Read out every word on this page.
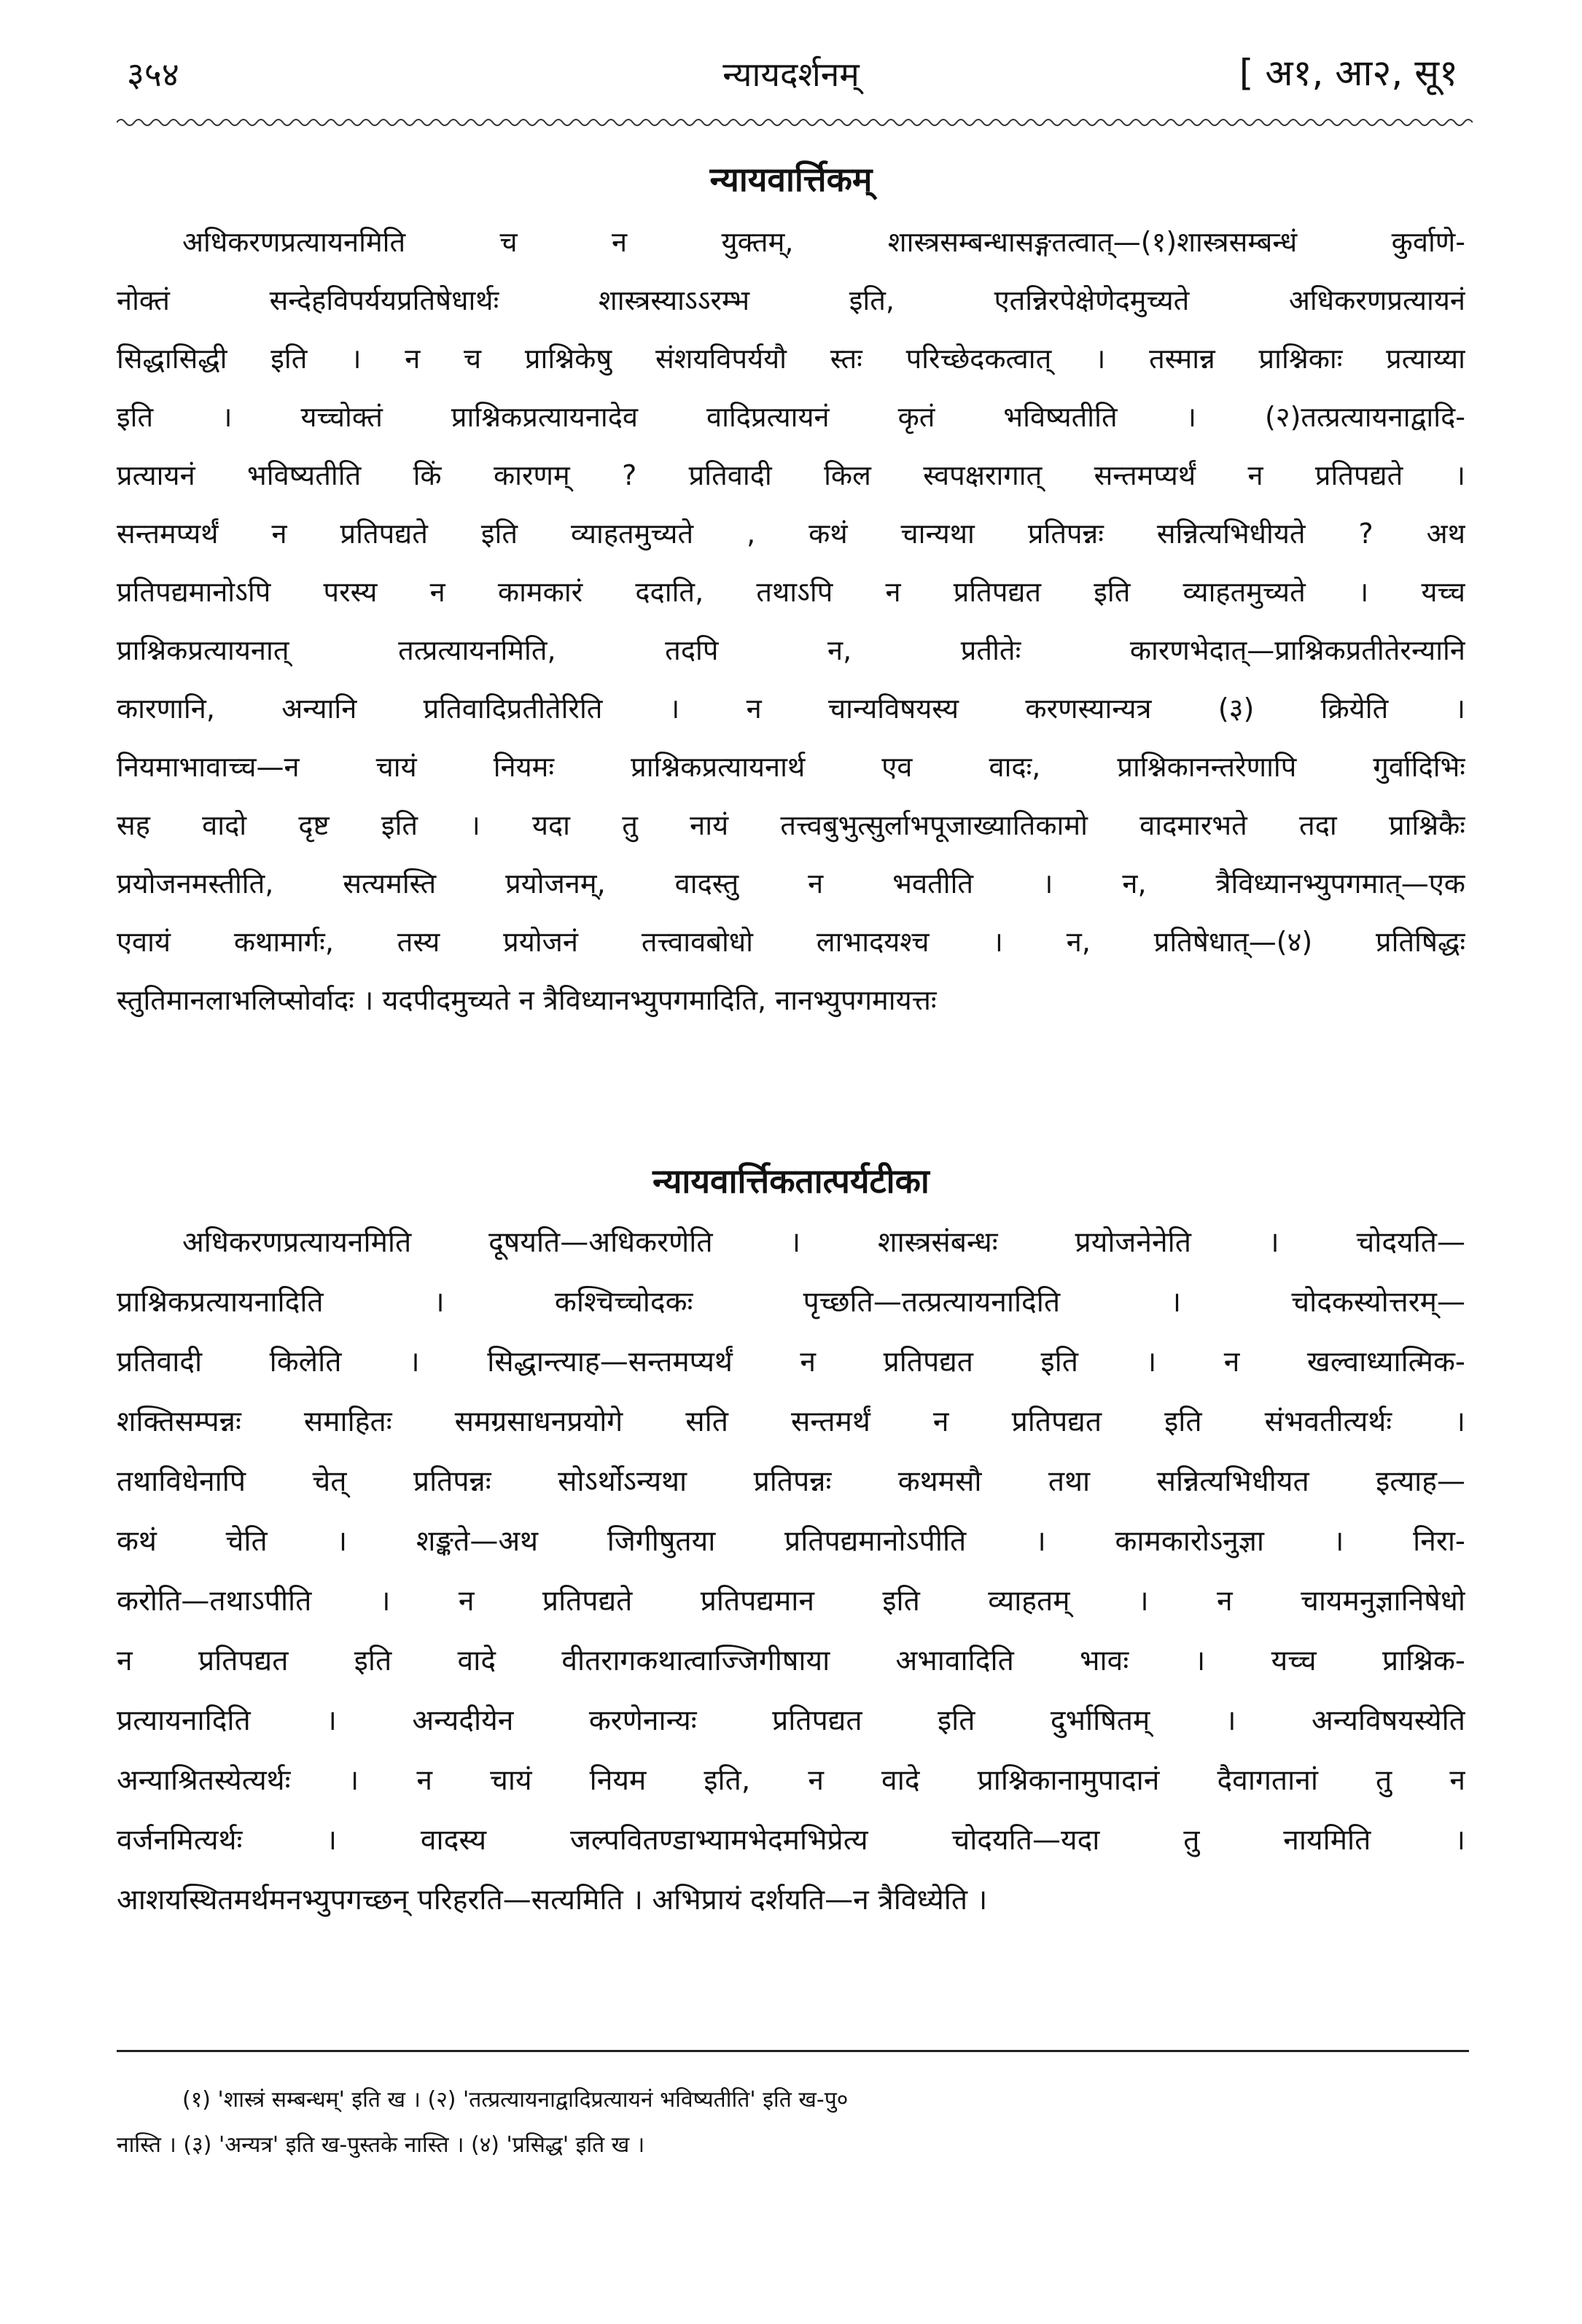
३५४	न्यायदर्शनम्	[ अ१, आ२, सू१
न्यायवार्त्तिकम्
अधिकरणप्रत्यायनमिति च न युक्तम्, शास्त्रसम्बन्धासङ्गतत्वात्—(१)शास्त्रसम्बन्धं कुर्वाणे-
नोक्तं सन्देहविपर्ययप्रतिषेधार्थः शास्त्रस्याऽऽरम्भ इति, एतन्निरपेक्षेणेदमुच्यते अधिकरणप्रत्यायनं
सिद्धासिद्धी इति । न च प्राश्निकेषु संशयविपर्ययौ स्तः परिच्छेदकत्वात् । तस्मान्न प्राश्निकाः प्रत्याय्या
इति । यच्चोक्तं प्राश्निकप्रत्यायनादेव वादिप्रत्यायनं कृतं भविष्यतीति । (२)तत्प्रत्यायनाद्वादि-
प्रत्यायनं भविष्यतीति किं कारणम् ? प्रतिवादी किल स्वपक्षरागात् सन्तमप्यर्थं न प्रतिपद्यते ।
सन्तमप्यर्थं न प्रतिपद्यते इति व्याहतमुच्यते , कथं चान्यथा प्रतिपन्नः सन्नित्यभिधीयते ? अथ
प्रतिपद्यमानोऽपि परस्य न कामकारं ददाति, तथाऽपि न प्रतिपद्यत इति व्याहतमुच्यते । यच्च
प्राश्निकप्रत्यायनात् तत्प्रत्यायनमिति, तदपि न, प्रतीतेः कारणभेदात्—प्राश्निकप्रतीतेरन्यानि
कारणानि, अन्यानि प्रतिवादिप्रतीतेरिति । न चान्यविषयस्य करणस्यान्यत्र (३) क्रियेति ।
नियमाभावाच्च—न चायं नियमः प्राश्निकप्रत्यायनार्थ एव वादः, प्राश्निकानन्तरेणापि गुर्वादिभिः
सह वादो दृष्ट इति । यदा तु नायं तत्त्वबुभुत्सुर्लाभपूजाख्यातिकामो वादमारभते तदा प्राश्निकैः
प्रयोजनमस्तीति, सत्यमस्ति प्रयोजनम्, वादस्तु न भवतीति । न, त्रैविध्यानभ्युपगमात्—एक
एवायं कथामार्गः, तस्य प्रयोजनं तत्त्वावबोधो लाभादयश्च । न, प्रतिषेधात्—(४) प्रतिषिद्धः
स्तुतिमानलाभलिप्सोर्वादः । यदपीदमुच्यते न त्रैविध्यानभ्युपगमादिति, नानभ्युपगमायत्तः
न्यायवार्त्तिकतात्पर्यटीका
अधिकरणप्रत्यायनमिति दूषयति—अधिकरणेति । शास्त्रसंबन्धः प्रयोजनेनेति । चोदयति—
प्राश्निकप्रत्यायनादिति । कश्चिच्चोदकः पृच्छति—तत्प्रत्यायनादिति । चोदकस्योत्तरम्—
प्रतिवादी किलेति । सिद्धान्त्याह—सन्तमप्यर्थं न प्रतिपद्यत इति । न खल्वाध्यात्मिक-
शक्तिसम्पन्नः समाहितः समग्रसाधनप्रयोगे सति सन्तमर्थं न प्रतिपद्यत इति संभवतीत्यर्थः ।
तथाविधेनापि चेत् प्रतिपन्नः सोऽर्थोऽन्यथा प्रतिपन्नः कथमसौ तथा सन्नित्यभिधीयत इत्याह—
कथं चेति । शङ्कते—अथ जिगीषुतया प्रतिपद्यमानोऽपीति । कामकारोऽनुज्ञा । निरा-
करोति—तथाऽपीति । न प्रतिपद्यते प्रतिपद्यमान इति व्याहतम् । न चायमनुज्ञानिषेधो
न प्रतिपद्यत इति वादे वीतरागकथात्वाज्जिगीषाया अभावादिति भावः । यच्च प्राश्निक-
प्रत्यायनादिति । अन्यदीयेन करणेनान्यः प्रतिपद्यत इति दुर्भाषितम् । अन्यविषयस्येति
अन्याश्रितस्येत्यर्थः । न चायं नियम इति, न वादे प्राश्निकानामुपादानं दैवागतानां तु न
वर्जनमित्यर्थः । वादस्य जल्पवितण्डाभ्यामभेदमभिप्रेत्य चोदयति—यदा तु नायमिति ।
आशयस्थितमर्थमनभ्युपगच्छन् परिहरति—सत्यमिति । अभिप्रायं दर्शयति—न त्रैविध्येति ।
(१) 'शास्त्रं सम्बन्धम्' इति ख । (२) 'तत्प्रत्यायनाद्वादिप्रत्यायनं भविष्यतीति' इति ख-पु०
नास्ति । (३) 'अन्यत्र' इति ख-पुस्तके नास्ति । (४) 'प्रसिद्ध' इति ख ।
